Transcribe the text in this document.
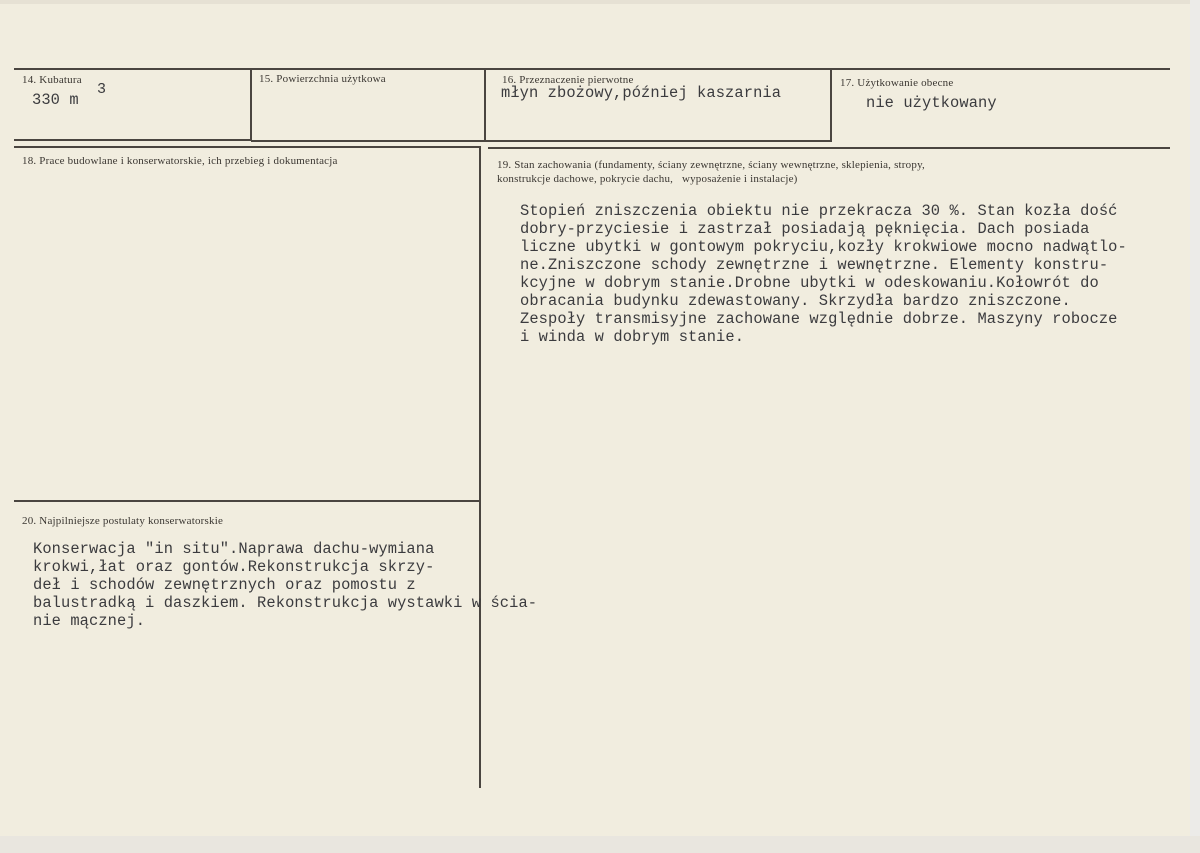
14. Kubatura
330 m
3
15. Powierzchnia użytkowa	16. Przeznaczenie pierwotne
młyn zbożowy,później kaszarnia
17. Użytkowanie obecne
nie użytkowany
18. Prace budowlane i konserwatorskie, ich przebieg i dokumentacja	19. Stan zachowania (fundamenty, ściany zewnętrzne, ściany wewnętrzne, sklepienia, stropy,
konstrukcje dachowe, pokrycie dachu,   wyposażenie i instalacje)
Stopień zniszczenia obiektu nie przekracza 30 %. Stan kozła dość
dobry-przyciesie i zastrzał posiadają pęknięcia. Dach posiada
liczne ubytki w gontowym pokryciu,kozły krokwiowe mocno nadwątlo-
ne.Zniszczone schody zewnętrzne i wewnętrzne. Elementy konstru-
kcyjne w dobrym stanie.Drobne ubytki w odeskowaniu.Kołowrót do
obracania budynku zdewastowany. Skrzydła bardzo zniszczone.
Zespoły transmisyjne zachowane względnie dobrze. Maszyny robocze
i winda w dobrym stanie.
20. Najpilniejsze postulaty konserwatorskie
Konserwacja "in situ".Naprawa dachu-wymiana
krokwi,łat oraz gontów.Rekonstrukcja skrzy-
deł i schodów zewnętrznych oraz pomostu z
balustradką i daszkiem. Rekonstrukcja wystawki w ścia-
nie mącznej.
